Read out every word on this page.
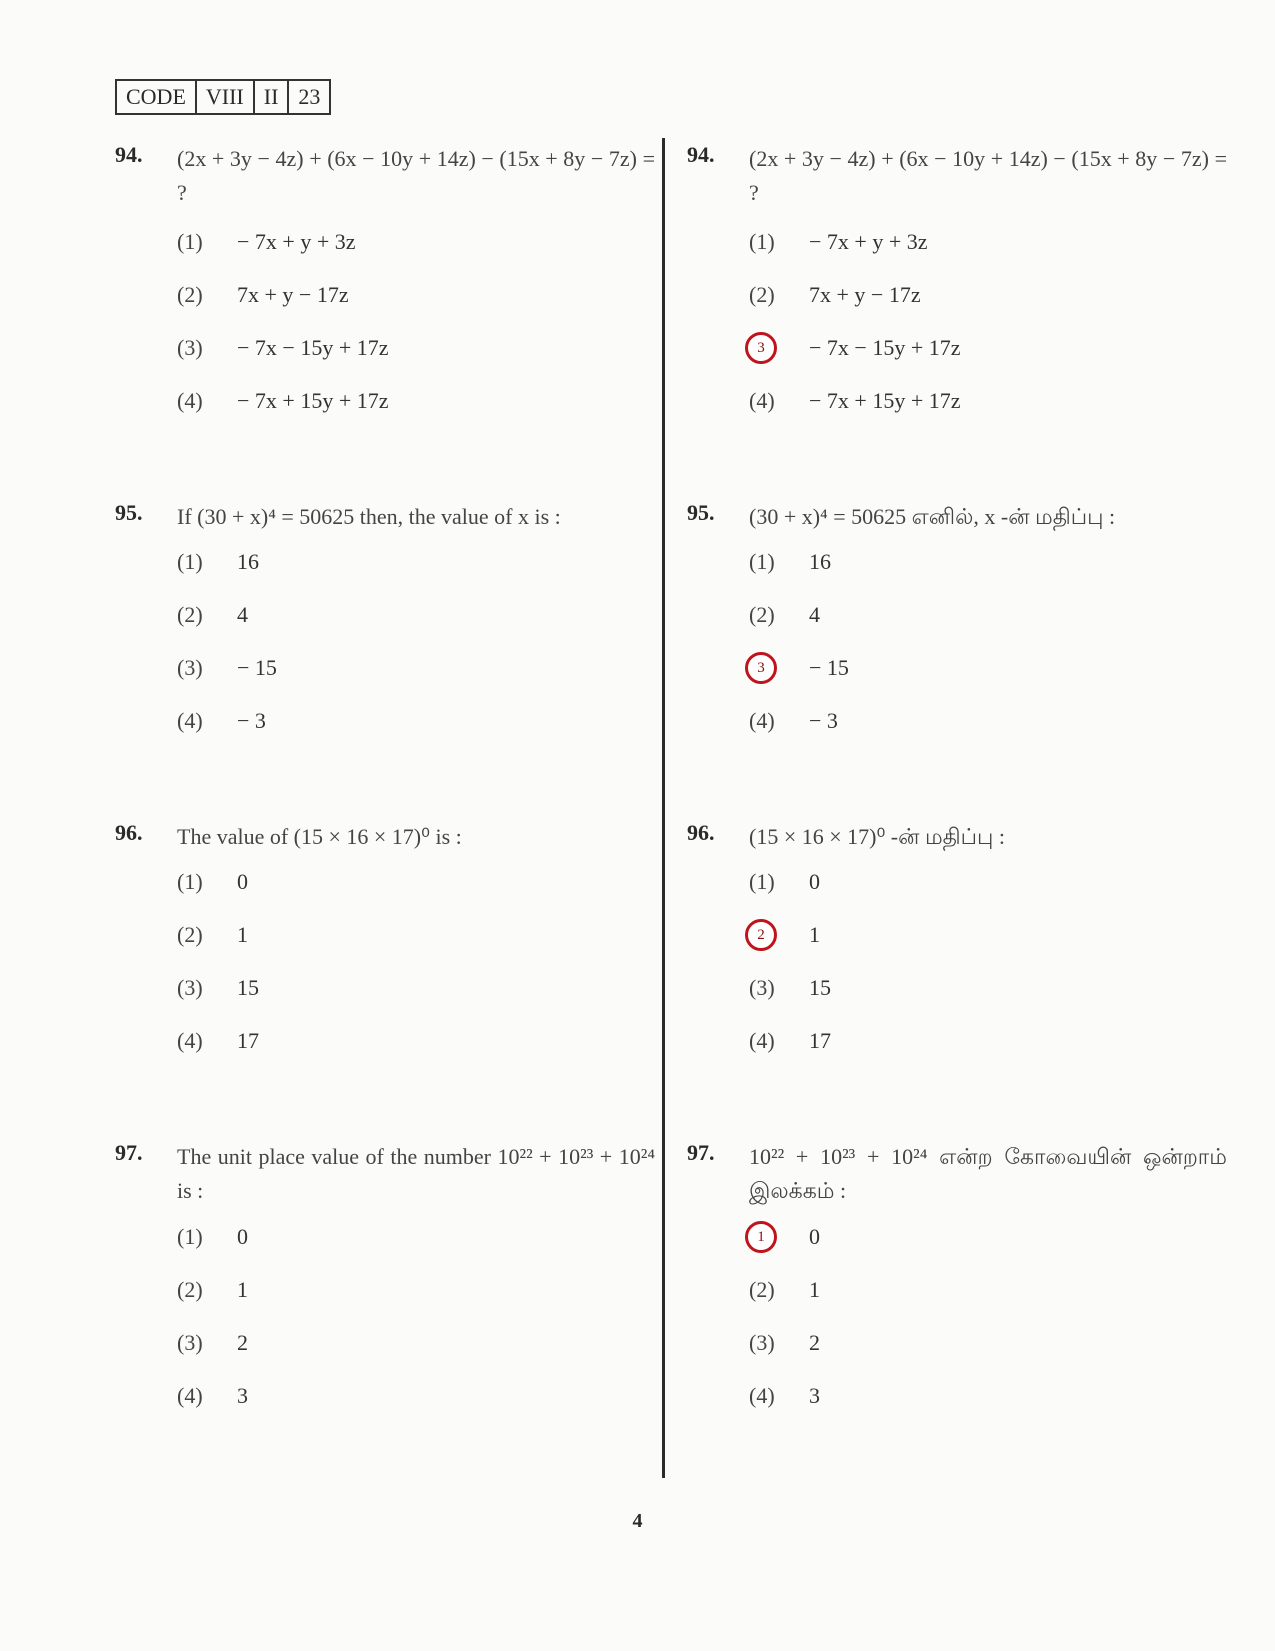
CODE VIII II 23
94. (2x + 3y − 4z) + (6x − 10y + 14z) − (15x + 8y − 7z) = ?
(1)	− 7x + y + 3z
(2)	7x + y − 17z
(3)	− 7x − 15y + 17z
(4)	− 7x + 15y + 17z
95. If (30 + x)⁴ = 50625 then, the value of x is :
(1)	16
(2)	4
(3)	− 15
(4)	− 3
96. The value of (15 × 16 × 17)⁰ is :
(1)	0
(2)	1
(3)	15
(4)	17
97. The unit place value of the number 10²² + 10²³ + 10²⁴ is :
(1)	0
(2)	1
(3)	2
(4)	3
94. (2x + 3y − 4z) + (6x − 10y + 14z) − (15x + 8y − 7z) = ?
(1)	− 7x + y + 3z
(2)	7x + y − 17z
3	− 7x − 15y + 17z
(4)	− 7x + 15y + 17z
95. (30 + x)⁴ = 50625 எனில், x -ன் மதிப்பு :
(1)	16
(2)	4
3	− 15
(4)	− 3
96. (15 × 16 × 17)⁰ -ன் மதிப்பு :
(1)	0
2	1
(3)	15
(4)	17
97. 10²² + 10²³ + 10²⁴ என்ற கோவையின் ஒன்றாம் இலக்கம் :
1	0
(2)	1
(3)	2
(4)	3
4
